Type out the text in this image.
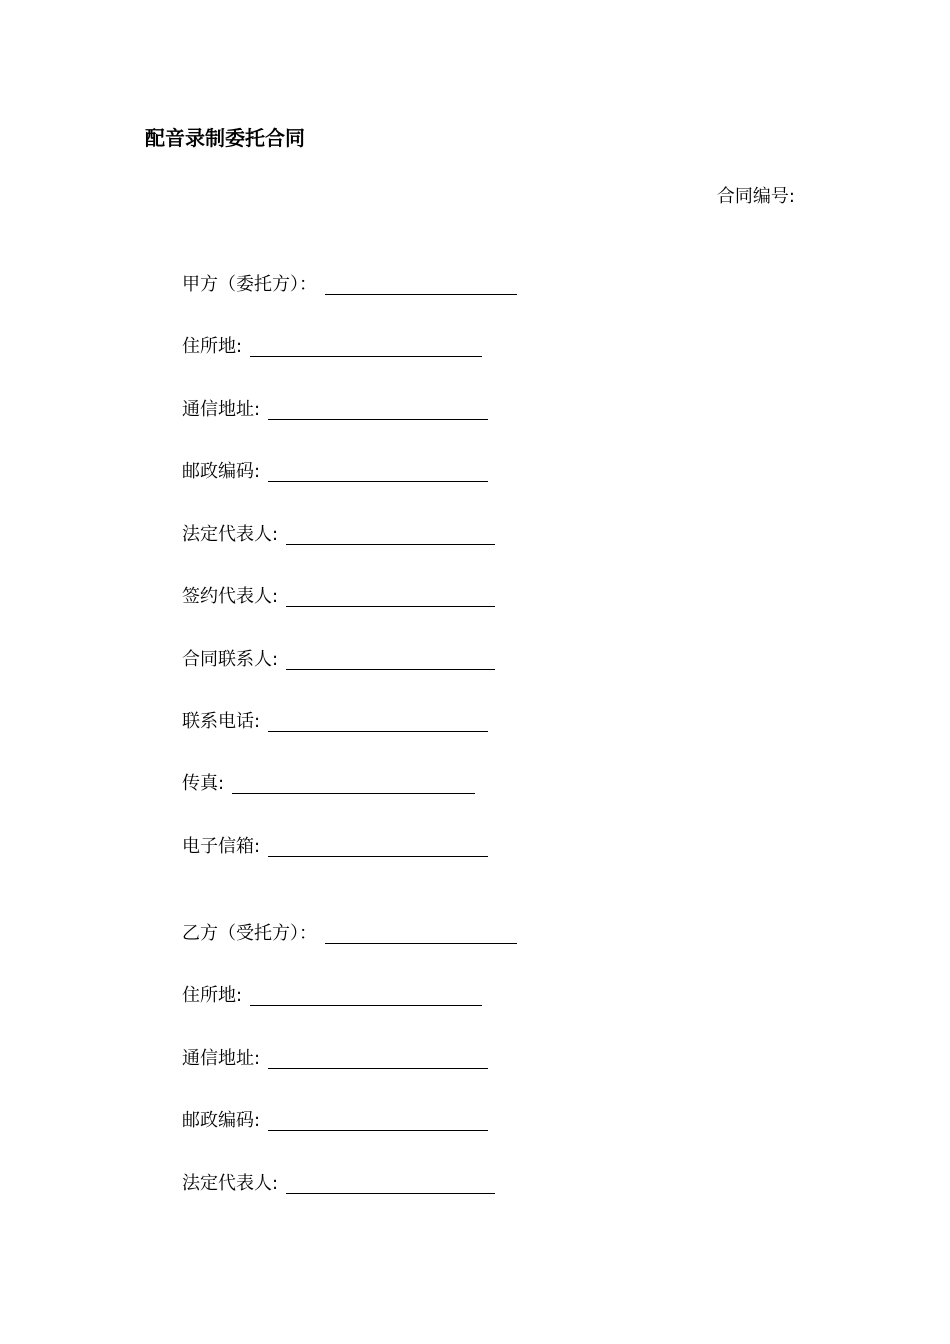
配音录制委托合同
合同编号:
甲方（委托方）：
住所地:
通信地址:
邮政编码:
法定代表人:
签约代表人:
合同联系人:
联系电话:
传真:
电子信箱:
乙方（受托方）：
住所地:
通信地址:
邮政编码:
法定代表人:
